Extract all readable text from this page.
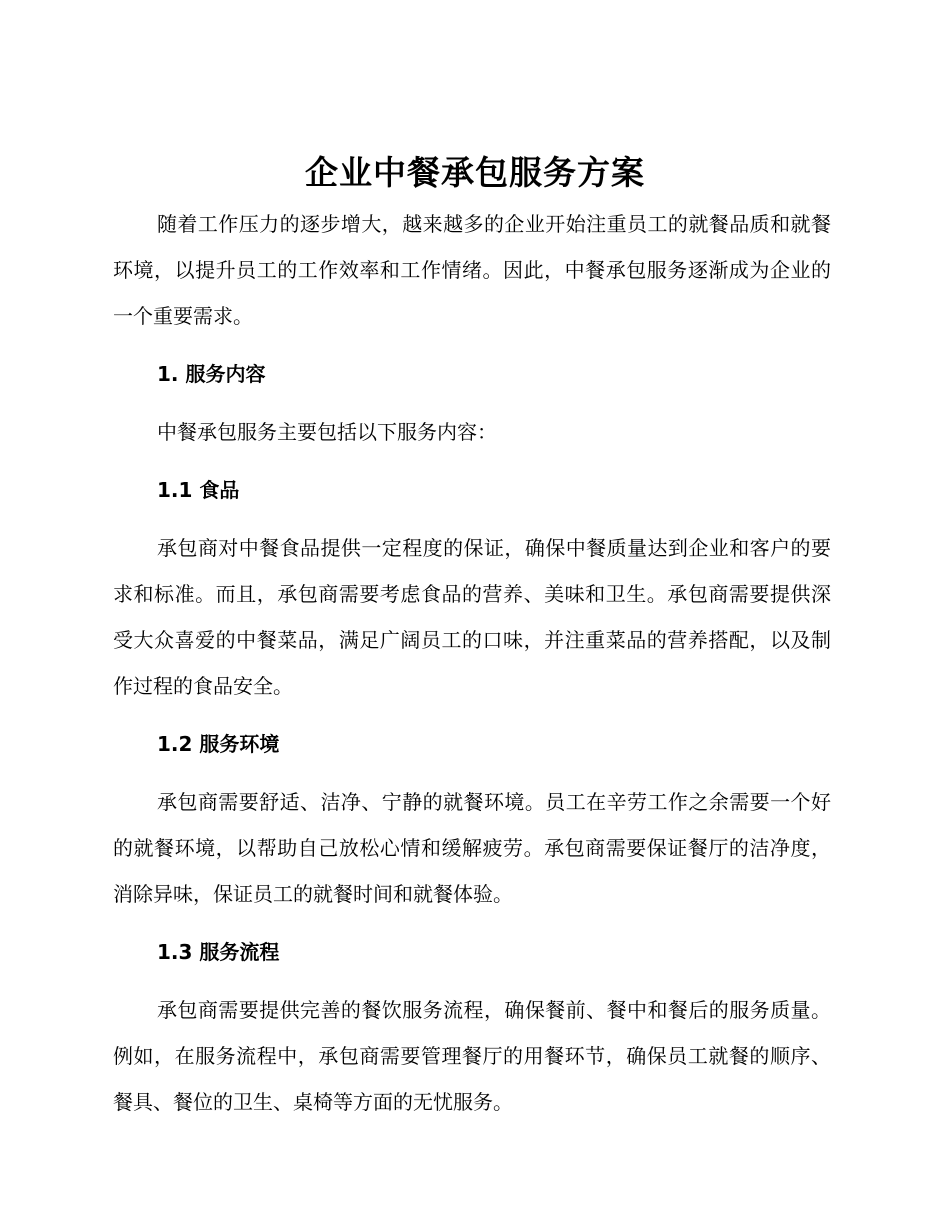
企业中餐承包服务方案

随着工作压力的逐步增大，越来越多的企业开始注重员工的就餐品质和就餐环境，以提升员工的工作效率和工作情绪。因此，中餐承包服务逐渐成为企业的一个重要需求。

1. 服务内容

中餐承包服务主要包括以下服务内容：

1.1 食品

承包商对中餐食品提供一定程度的保证，确保中餐质量达到企业和客户的要求和标准。而且，承包商需要考虑食品的营养、美味和卫生。承包商需要提供深受大众喜爱的中餐菜品，满足广阔员工的口味，并注重菜品的营养搭配，以及制作过程的食品安全。

1.2 服务环境

承包商需要舒适、洁净、宁静的就餐环境。员工在辛劳工作之余需要一个好的就餐环境，以帮助自己放松心情和缓解疲劳。承包商需要保证餐厅的洁净度，消除异味，保证员工的就餐时间和就餐体验。

1.3 服务流程

承包商需要提供完善的餐饮服务流程，确保餐前、餐中和餐后的服务质量。例如，在服务流程中，承包商需要管理餐厅的用餐环节，确保员工就餐的顺序、餐具、餐位的卫生、桌椅等方面的无忧服务。
